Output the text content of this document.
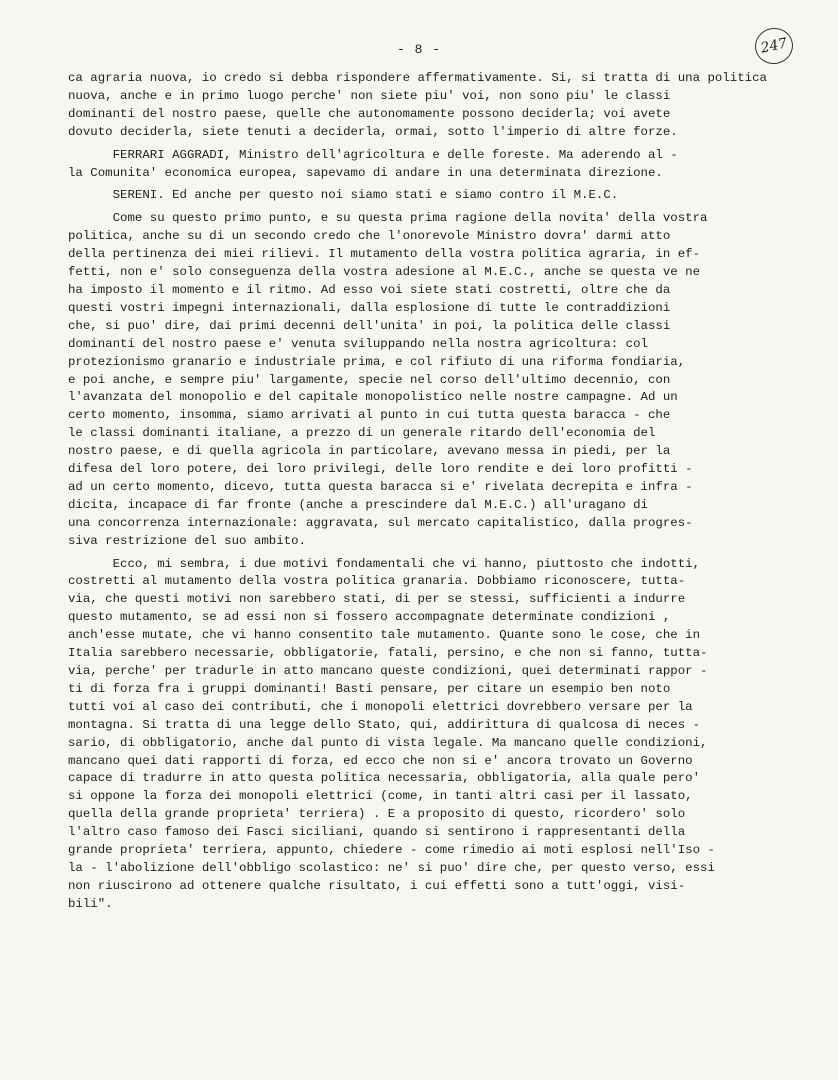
- 8 -	247
ca agraria nuova, io credo si debba rispondere affermativamente. Si, si tratta di una politica
nuova, anche e in primo luogo perche' non siete piu' voi, non sono piu' le classi
dominanti del nostro paese, quelle che autonomamente possono deciderla; voi avete
dovuto deciderla, siete tenuti a deciderla, ormai, sotto l'imperio di altre forze.
FERRARI AGGRADI, Ministro dell'agricoltura e delle foreste. Ma aderendo al -
la Comunita' economica europea, sapevamo di andare in una determinata direzione.
SERENI. Ed anche per questo noi siamo stati e siamo contro il M.E.C.
Come su questo primo punto, e su questa prima ragione della novita' della vostra
politica, anche su di un secondo credo che l'onorevole Ministro dovra' darmi atto
della pertinenza dei miei rilievi. Il mutamento della vostra politica agraria, in ef-
fetti, non e' solo conseguenza della vostra adesione al M.E.C., anche se questa ve ne
ha imposto il momento e il ritmo. Ad esso voi siete stati costretti, oltre che da
questi vostri impegni internazionali, dalla esplosione di tutte le contraddizioni
che, si puo' dire, dai primi decenni dell'unita' in poi, la politica delle classi
dominanti del nostro paese e' venuta sviluppando nella nostra agricoltura: col
protezionismo granario e industriale prima, e col rifiuto di una riforma fondiaria,
e poi anche, e sempre piu' largamente, specie nel corso dell'ultimo decennio, con
l'avanzata del monopolio e del capitale monopolistico nelle nostre campagne. Ad un
certo momento, insomma, siamo arrivati al punto in cui tutta questa baracca - che
le classi dominanti italiane, a prezzo di un generale ritardo dell'economia del
nostro paese, e di quella agricola in particolare, avevano messa in piedi, per la
difesa del loro potere, dei loro privilegi, delle loro rendite e dei loro profitti -
ad un certo momento, dicevo, tutta questa baracca si e' rivelata decrepita e infra -
dicita, incapace di far fronte (anche a prescindere dal M.E.C.) all'uragano di
una concorrenza internazionale: aggravata, sul mercato capitalistico, dalla progres-
siva restrizione del suo ambito.
Ecco, mi sembra, i due motivi fondamentali che vi hanno, piuttosto che indotti,
costretti al mutamento della vostra politica granaria. Dobbiamo riconoscere, tutta-
via, che questi motivi non sarebbero stati, di per se stessi, sufficienti a indurre
questo mutamento, se ad essi non si fossero accompagnate determinate condizioni ,
anch'esse mutate, che vi hanno consentito tale mutamento. Quante sono le cose, che in
Italia sarebbero necessarie, obbligatorie, fatali, persino, e che non si fanno, tutta-
via, perche' per tradurle in atto mancano queste condizioni, quei determinati rappor -
ti di forza fra i gruppi dominanti! Basti pensare, per citare un esempio ben noto
tutti voi al caso dei contributi, che i monopoli elettrici dovrebbero versare per la
montagna. Si tratta di una legge dello Stato, qui, addirittura di qualcosa di neces -
sario, di obbligatorio, anche dal punto di vista legale. Ma mancano quelle condizioni,
mancano quei dati rapporti di forza, ed ecco che non si e' ancora trovato un Governo
capace di tradurre in atto questa politica necessaria, obbligatoria, alla quale pero'
si oppone la forza dei monopoli elettrici (come, in tanti altri casi per il lassato,
quella della grande proprieta' terriera) . E a proposito di questo, ricordero' solo
l'altro caso famoso dei Fasci siciliani, quando si sentirono i rappresentanti della
grande proprieta' terriera, appunto, chiedere - come rimedio ai moti esplosi nell'Iso -
la - l'abolizione dell'obbligo scolastico: ne' si puo' dire che, per questo verso, essi
non riuscirono ad ottenere qualche risultato, i cui effetti sono a tutt'oggi, visi-
bili".
